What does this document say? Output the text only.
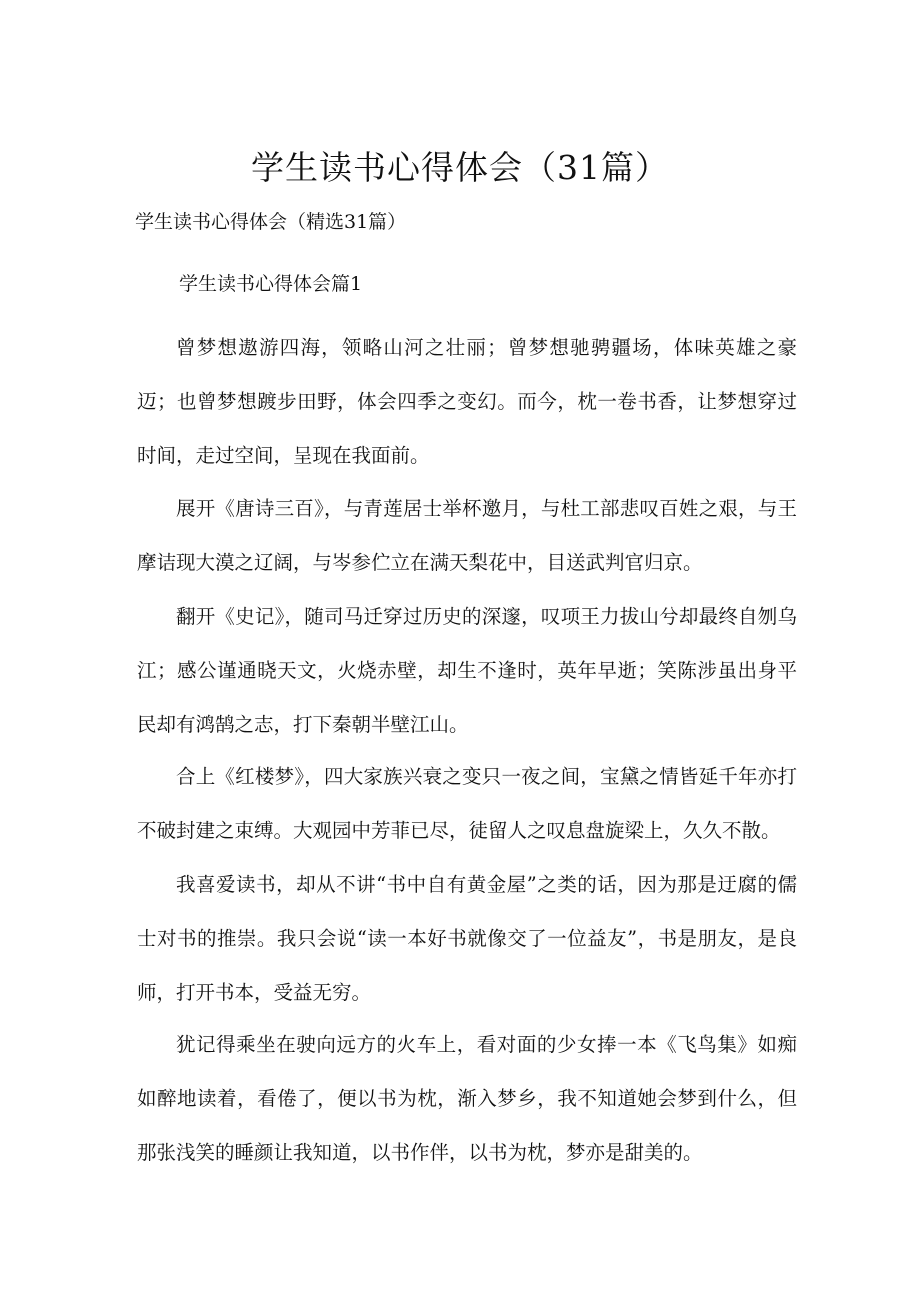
学生读书心得体会（31篇）
学生读书心得体会（精选31篇）
学生读书心得体会篇1

曾梦想遨游四海，领略山河之壮丽；曾梦想驰骋疆场，体味英雄之豪迈；也曾梦想踱步田野，体会四季之变幻。而今，枕一卷书香，让梦想穿过时间，走过空间，呈现在我面前。

展开《唐诗三百》，与青莲居士举杯邀月，与杜工部悲叹百姓之艰，与王摩诘现大漠之辽阔，与岑参伫立在满天梨花中，目送武判官归京。

翻开《史记》，随司马迁穿过历史的深邃，叹项王力拔山兮却最终自刎乌江；感公谨通晓天文，火烧赤壁，却生不逢时，英年早逝；笑陈涉虽出身平民却有鸿鹄之志，打下秦朝半壁江山。

合上《红楼梦》，四大家族兴衰之变只一夜之间，宝黛之情皆延千年亦打不破封建之束缚。大观园中芳菲已尽，徒留人之叹息盘旋梁上，久久不散。

我喜爱读书，却从不讲“书中自有黄金屋”之类的话，因为那是迂腐的儒士对书的推崇。我只会说“读一本好书就像交了一位益友”，书是朋友，是良师，打开书本，受益无穷。

犹记得乘坐在驶向远方的火车上，看对面的少女捧一本《飞鸟集》如痴如醉地读着，看倦了，便以书为枕，渐入梦乡，我不知道她会梦到什么，但那张浅笑的睡颜让我知道，以书作伴，以书为枕，梦亦是甜美的。
